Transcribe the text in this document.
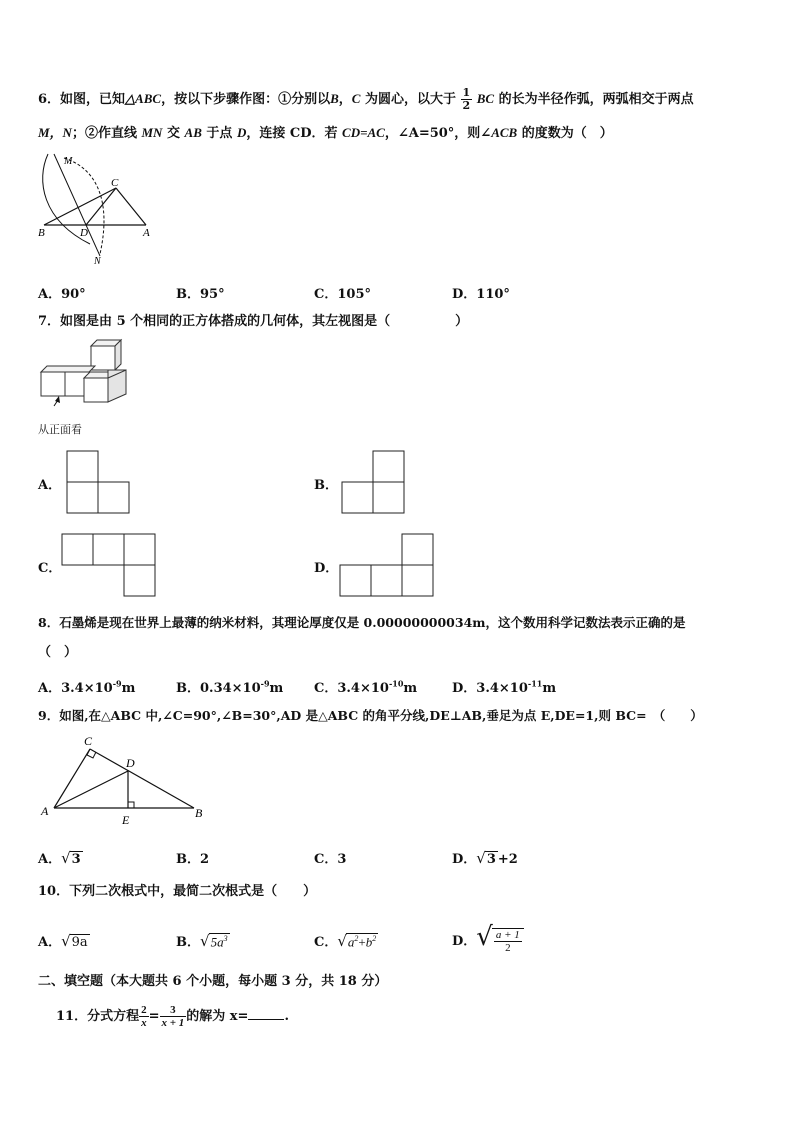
6．如图，已知△ABC，按以下步骤作图：①分别以B，C 为圆心，以大于 $\frac{1}{2}$ BC 的长为半径作弧，两弧相交于两点
M，N；②作直线 MN 交 AB 于点 D，连接 CD．若 CD=AC，∠A=50°，则∠ACB 的度数为（　）
M
C
B	D	A
N
A．90°	B．95°	C．105°	D．110°
7．如图是由 5 个相同的正方体搭成的几何体，其左视图是（　　　　　）
从正面看
A．	B．
C．	D．
8．石墨烯是现在世界上最薄的纳米材料，其理论厚度仅是 0.00000000034m，这个数用科学记数法表示正确的是
（　）
A．$3.4\times 10^{-9}m$	B．$0.34\times 10^{-9}m$ C．$3.4\times 10^{-10}m$	D．$3.4\times 10^{-11}m$
9．如图,在△ABC 中,∠C=90°,∠B=30°,AD 是△ABC 的角平分线,DE⊥AB,垂足为点 E,DE=1,则 BC=　（　　）
C
D
A
E	B
A．√3	B．2	C．3	D．√3 +2
10．下列二次根式中，最简二次根式是（　　）
A．√9a	B．$√5a^3$	C．$√a^2+b^2$	D．√ $\frac{a + 1}{2}$
二、填空题（本大题共 6 个小题，每小题 3 分，共 18 分）
11．分式方程 $\frac{2}{x} = \frac{3}{x + 1}$ 的解为 x=	.
